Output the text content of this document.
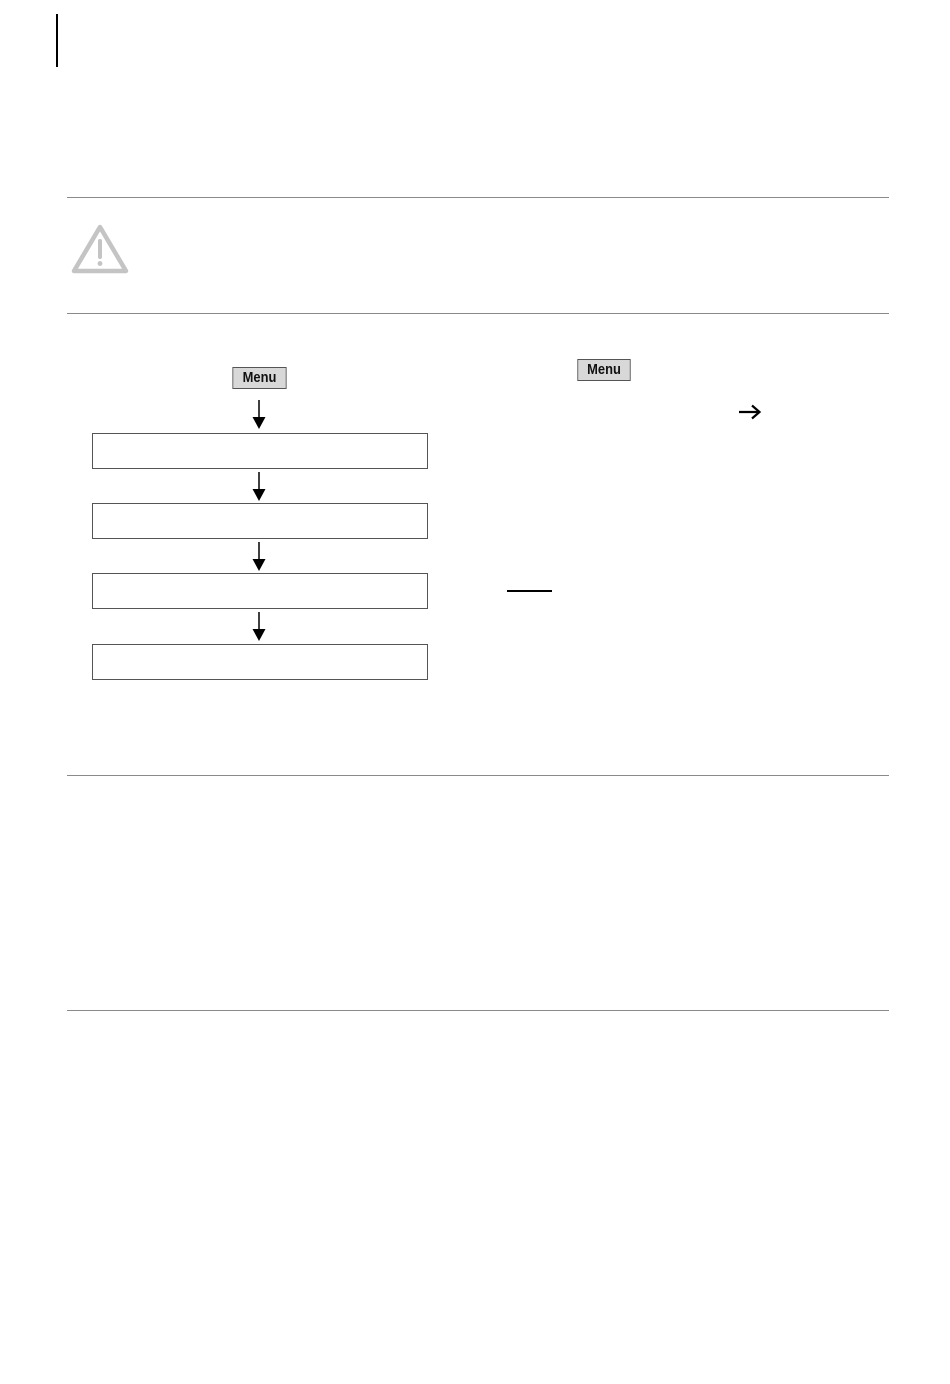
Menu	Menu
